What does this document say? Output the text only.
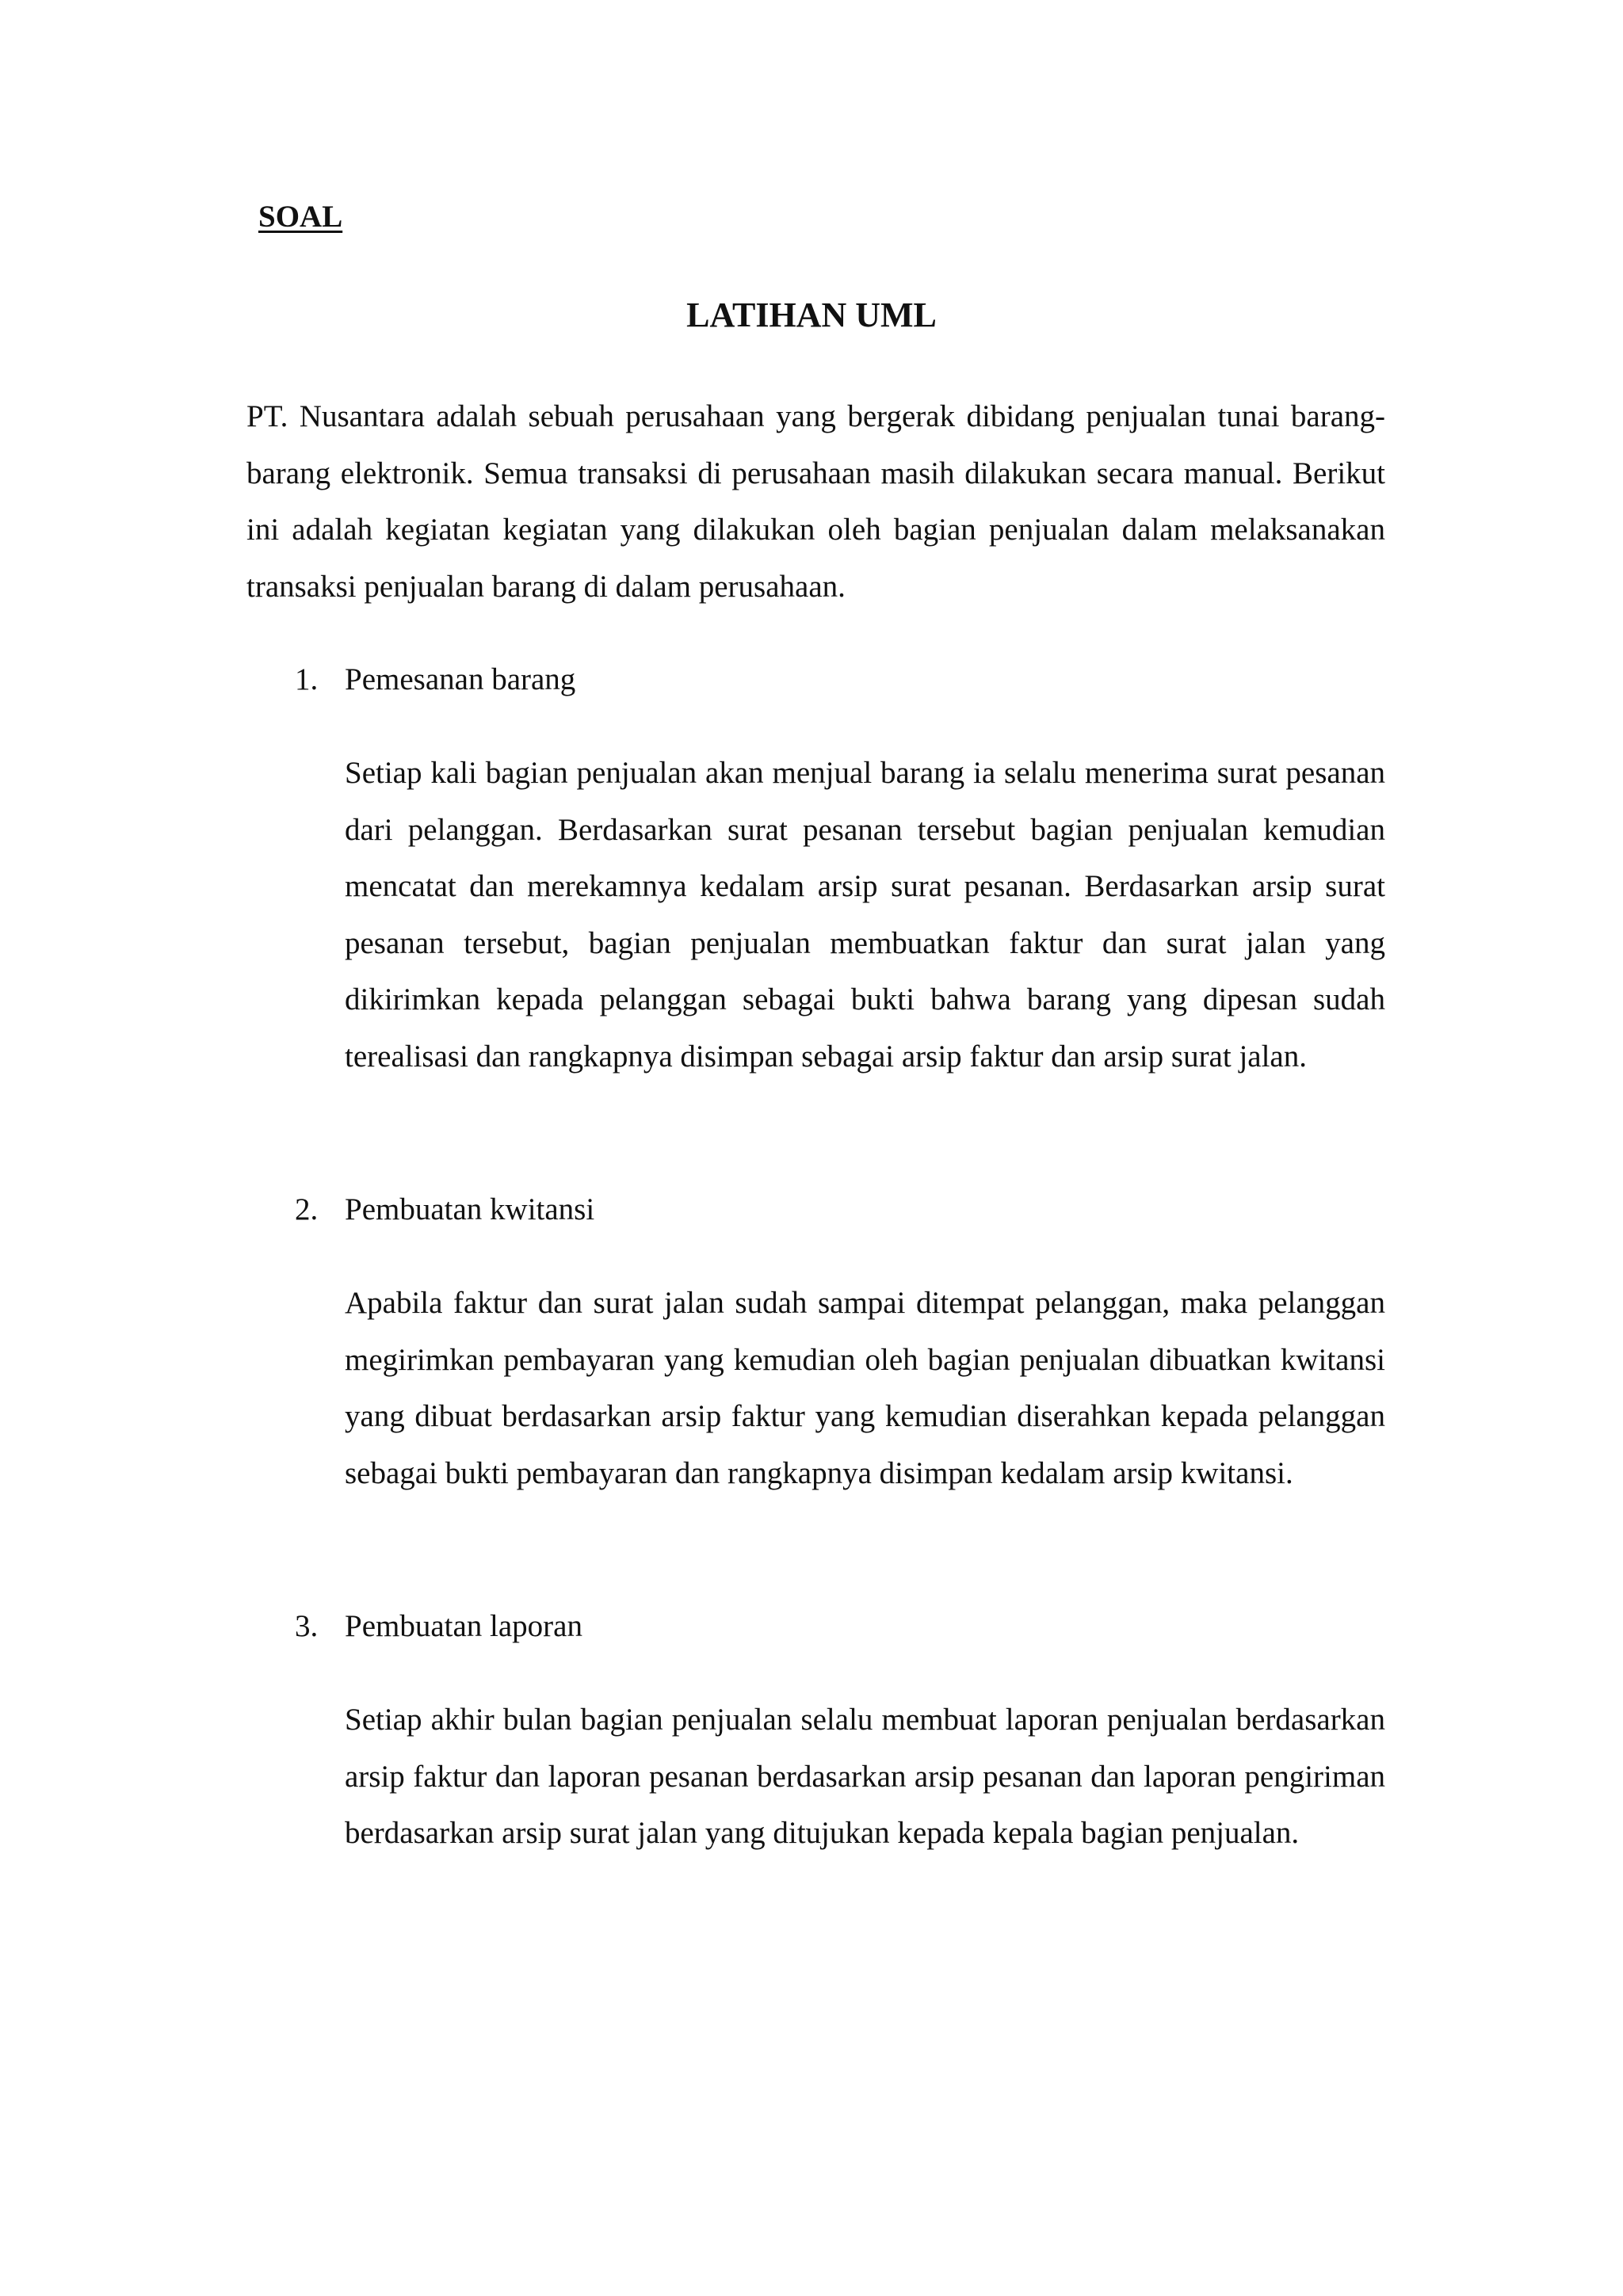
SOAL

LATIHAN UML

PT. Nusantara adalah sebuah perusahaan yang bergerak dibidang penjualan tunai barang-barang elektronik. Semua transaksi di perusahaan masih dilakukan secara manual. Berikut ini adalah kegiatan kegiatan yang dilakukan oleh bagian penjualan dalam melaksanakan transaksi penjualan barang di dalam perusahaan.

1. Pemesanan barang

Setiap kali bagian penjualan akan menjual barang ia selalu menerima surat pesanan dari pelanggan. Berdasarkan surat pesanan tersebut bagian penjualan kemudian mencatat dan merekamnya kedalam arsip surat pesanan. Berdasarkan arsip surat pesanan tersebut, bagian penjualan membuatkan faktur dan surat jalan yang dikirimkan kepada pelanggan sebagai bukti bahwa barang yang dipesan sudah terealisasi dan rangkapnya disimpan sebagai arsip faktur dan arsip surat jalan.

2. Pembuatan kwitansi

Apabila faktur dan surat jalan sudah sampai ditempat pelanggan, maka pelanggan megirimkan pembayaran yang kemudian oleh bagian penjualan dibuatkan kwitansi yang dibuat berdasarkan arsip faktur yang kemudian diserahkan kepada pelanggan sebagai bukti pembayaran dan rangkapnya disimpan kedalam arsip kwitansi.

3. Pembuatan laporan

Setiap akhir bulan bagian penjualan selalu membuat laporan penjualan berdasarkan arsip faktur dan laporan pesanan berdasarkan arsip pesanan dan laporan pengiriman berdasarkan arsip surat jalan yang ditujukan kepada kepala bagian penjualan.
